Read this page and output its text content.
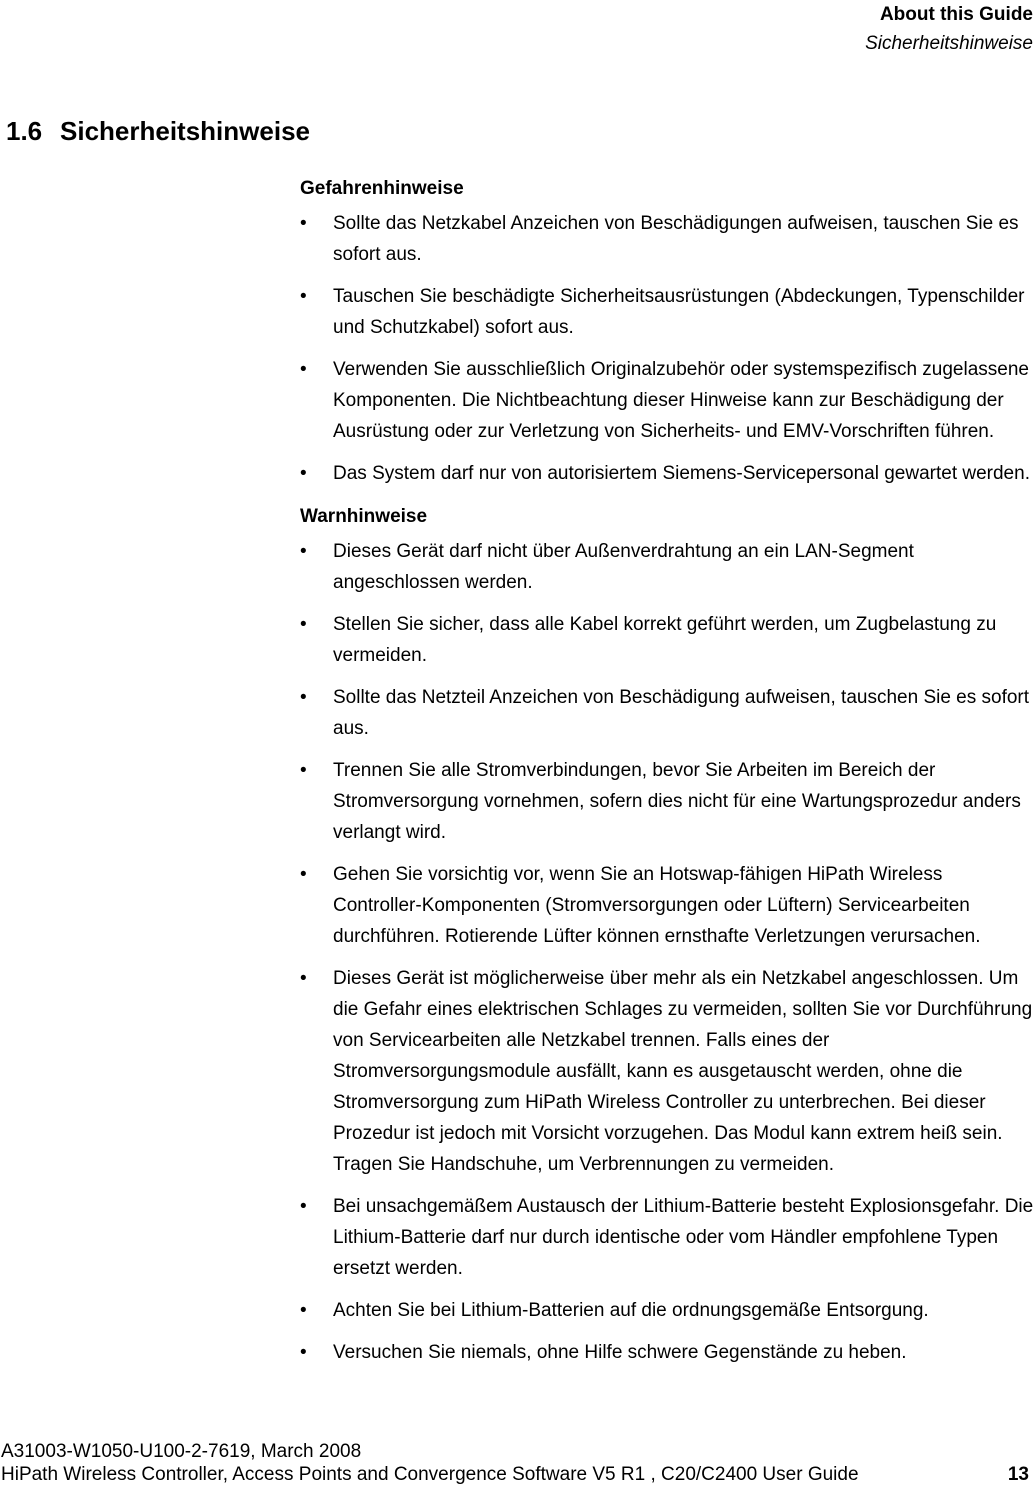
About this Guide
Sicherheitshinweise
1.6 Sicherheitshinweise
Gefahrenhinweise
• Sollte das Netzkabel Anzeichen von Beschädigungen aufweisen, tauschen Sie es sofort aus.
• Tauschen Sie beschädigte Sicherheitsausrüstungen (Abdeckungen, Typenschilder und Schutzkabel) sofort aus.
• Verwenden Sie ausschließlich Originalzubehör oder systemspezifisch zugelassene Komponenten. Die Nichtbeachtung dieser Hinweise kann zur Beschädigung der Ausrüstung oder zur Verletzung von Sicherheits- und EMV-Vorschriften führen.
• Das System darf nur von autorisiertem Siemens-Servicepersonal gewartet werden.
Warnhinweise
• Dieses Gerät darf nicht über Außenverdrahtung an ein LAN-Segment angeschlossen werden.
• Stellen Sie sicher, dass alle Kabel korrekt geführt werden, um Zugbelastung zu vermeiden.
• Sollte das Netzteil Anzeichen von Beschädigung aufweisen, tauschen Sie es sofort aus.
• Trennen Sie alle Stromverbindungen, bevor Sie Arbeiten im Bereich der Stromversorgung vornehmen, sofern dies nicht für eine Wartungsprozedur anders verlangt wird.
• Gehen Sie vorsichtig vor, wenn Sie an Hotswap-fähigen HiPath Wireless Controller-Komponenten (Stromversorgungen oder Lüftern) Servicearbeiten durchführen. Rotierende Lüfter können ernsthafte Verletzungen verursachen.
• Dieses Gerät ist möglicherweise über mehr als ein Netzkabel angeschlossen. Um die Gefahr eines elektrischen Schlages zu vermeiden, sollten Sie vor Durchführung von Servicearbeiten alle Netzkabel trennen. Falls eines der Stromversorgungsmodule ausfällt, kann es ausgetauscht werden, ohne die Stromversorgung zum HiPath Wireless Controller zu unterbrechen. Bei dieser Prozedur ist jedoch mit Vorsicht vorzugehen. Das Modul kann extrem heiß sein. Tragen Sie Handschuhe, um Verbrennungen zu vermeiden.
• Bei unsachgemäßem Austausch der Lithium-Batterie besteht Explosionsgefahr. Die Lithium-Batterie darf nur durch identische oder vom Händler empfohlene Typen ersetzt werden.
• Achten Sie bei Lithium-Batterien auf die ordnungsgemäße Entsorgung.
• Versuchen Sie niemals, ohne Hilfe schwere Gegenstände zu heben.
A31003-W1050-U100-2-7619, March 2008
HiPath Wireless Controller, Access Points and Convergence Software V5 R1 , C20/C2400 User Guide	13
